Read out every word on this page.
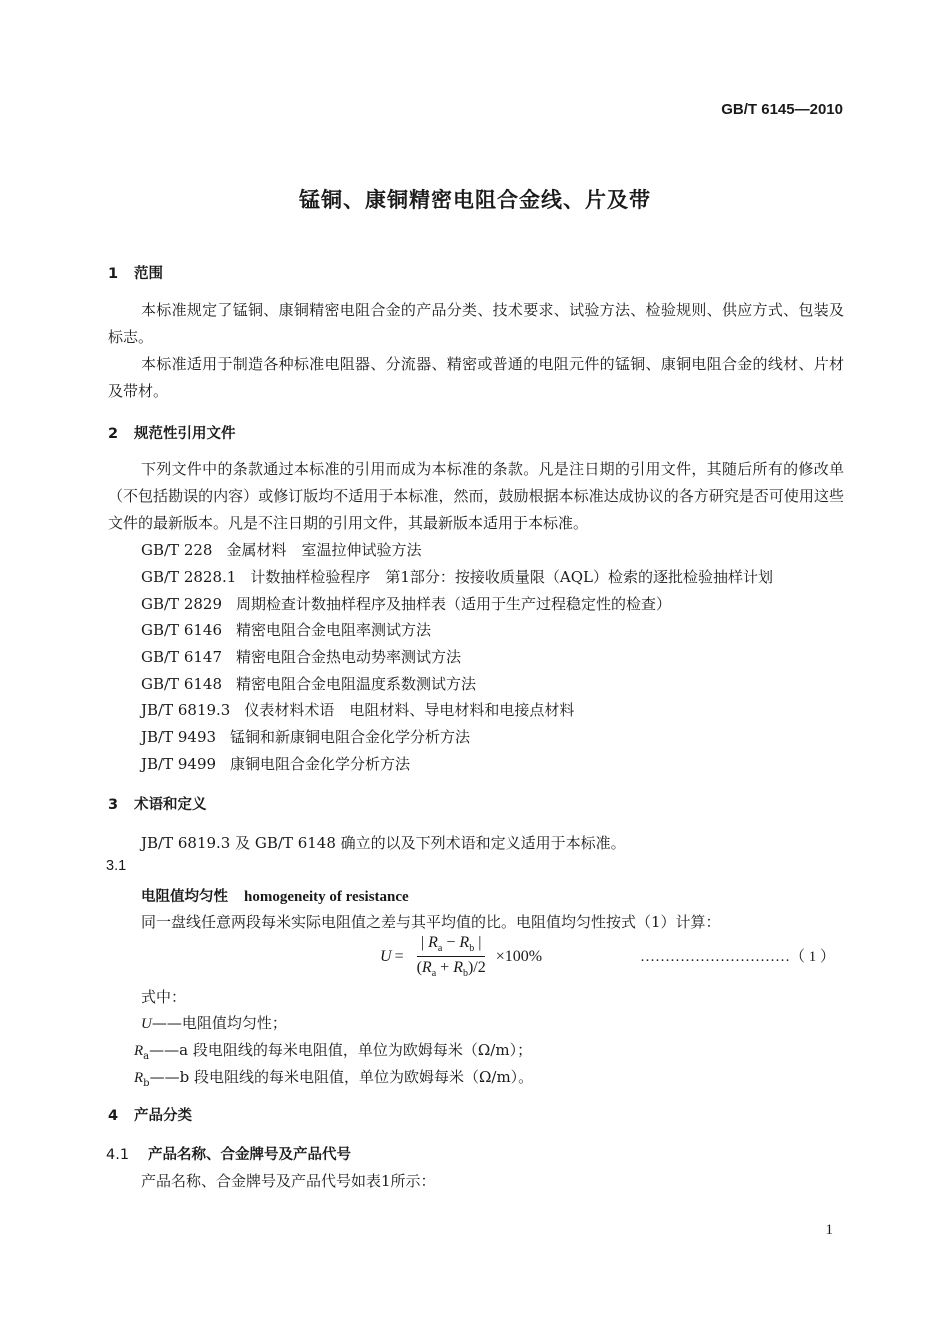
GB/T 6145—2010
锰铜、康铜精密电阻合金线、片及带
1 范围
本标准规定了锰铜、康铜精密电阻合金的产品分类、技术要求、试验方法、检验规则、供应方式、包装及标志。
本标准适用于制造各种标准电阻器、分流器、精密或普通的电阻元件的锰铜、康铜电阻合金的线材、片材及带材。
2 规范性引用文件
下列文件中的条款通过本标准的引用而成为本标准的条款。凡是注日期的引用文件，其随后所有的修改单（不包括勘误的内容）或修订版均不适用于本标准，然而，鼓励根据本标准达成协议的各方研究是否可使用这些文件的最新版本。凡是不注日期的引用文件，其最新版本适用于本标准。
GB/T 228 金属材料　室温拉伸试验方法
GB/T 2828.1 计数抽样检验程序　第1部分：按接收质量限（AQL）检索的逐批检验抽样计划
GB/T 2829 周期检查计数抽样程序及抽样表（适用于生产过程稳定性的检查）
GB/T 6146 精密电阻合金电阻率测试方法
GB/T 6147 精密电阻合金热电动势率测试方法
GB/T 6148 精密电阻合金电阻温度系数测试方法
JB/T 6819.3 仪表材料术语　电阻材料、导电材料和电接点材料
JB/T 9493 锰铜和新康铜电阻合金化学分析方法
JB/T 9499 康铜电阻合金化学分析方法
3 术语和定义
JB/T 6819.3 及 GB/T 6148 确立的以及下列术语和定义适用于本标准。
3.1
电阻值均匀性 homogeneity of resistance
同一盘线任意两段每米实际电阻值之差与其平均值的比。电阻值均匀性按式（1）计算：
$U = \frac{| R_a - R_b |}{(R_a + R_b)/2} \times 100\%$	…………………………（ 1 ）
式中：
U——电阻值均匀性；
$R_a——a$ 段电阻线的每米电阻值，单位为欧姆每米（Ω/m）；
$R_b——b$ 段电阻线的每米电阻值，单位为欧姆每米（Ω/m）。
4 产品分类
4.1 产品名称、合金牌号及产品代号
产品名称、合金牌号及产品代号如表1所示：
1
